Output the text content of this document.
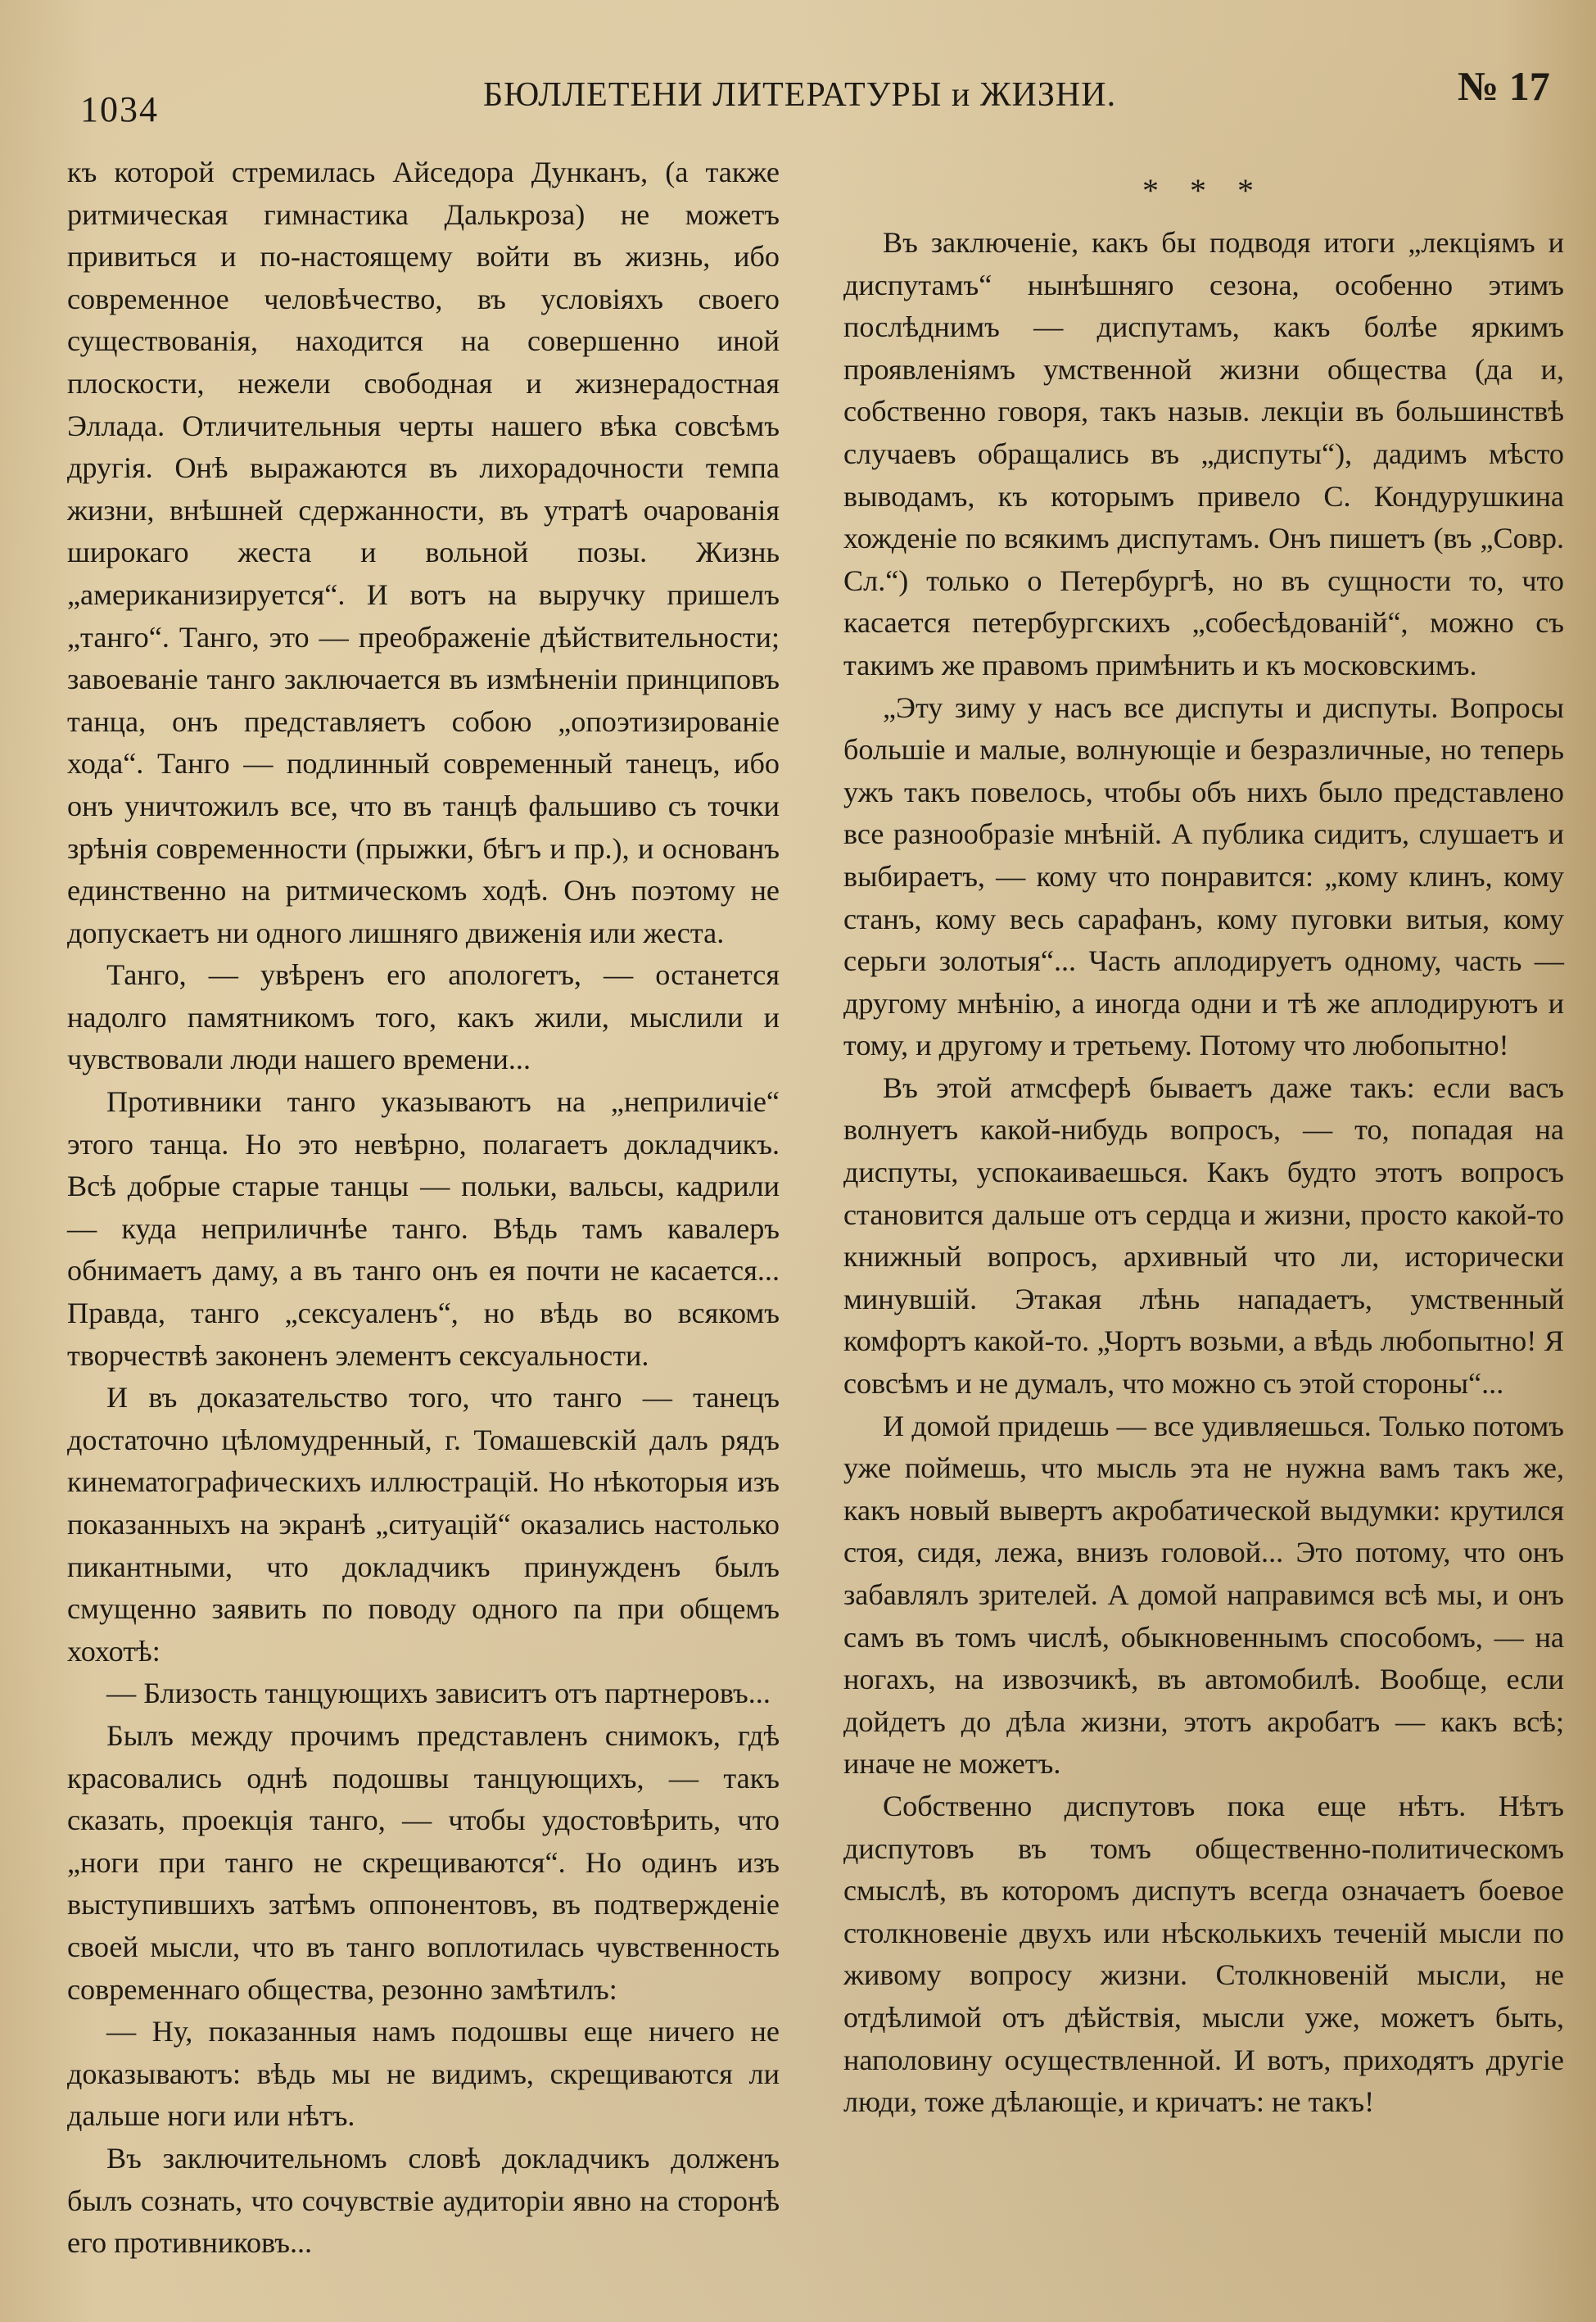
1034	БЮЛЛЕТЕНИ ЛИТЕРАТУРЫ и ЖИЗНИ.	№ 17

къ которой стремилась Айседора Дунканъ, (а также ритмическая гимнастика Далькроза) не можетъ привиться и по-настоящему войти въ жизнь, ибо современное человѣчество, въ условіяхъ своего существованія, находится на совершенно иной плоскости, нежели свободная и жизнерадостная Эллада. Отличительныя черты нашего вѣка совсѣмъ другія. Онѣ выражаются въ лихорадочности темпа жизни, внѣшней сдержанности, въ утратѣ очарованія широкаго жеста и вольной позы. Жизнь „американизируется“. И вотъ на выручку пришелъ „танго“. Танго, это — преображеніе дѣйствительности; завоеваніе танго заключается въ измѣненіи принциповъ танца, онъ представляетъ собою „опоэтизированіе хода“. Танго — подлинный современный танецъ, ибо онъ уничтожилъ все, что въ танцѣ фальшиво съ точки зрѣнія современности (прыжки, бѣгъ и пр.), и основанъ единственно на ритмическомъ ходѣ. Онъ поэтому не допускаетъ ни одного лишняго движенія или жеста.

Танго, — увѣренъ его апологетъ, — останется надолго памятникомъ того, какъ жили, мыслили и чувствовали люди нашего времени...

Противники танго указываютъ на „неприличіе“ этого танца. Но это невѣрно, полагаетъ докладчикъ. Всѣ добрые старые танцы — польки, вальсы, кадрили — куда неприличнѣе танго. Вѣдь тамъ кавалеръ обнимаетъ даму, а въ танго онъ ея почти не касается... Правда, танго „сексуаленъ“, но вѣдь во всякомъ творчествѣ законенъ элементъ сексуальности.

И въ доказательство того, что танго — танецъ достаточно цѣломудренный, г. Томашевскій далъ рядъ кинематографическихъ иллюстрацій. Но нѣкоторыя изъ показанныхъ на экранѣ „ситуацій“ оказались настолько пикантными, что докладчикъ принужденъ былъ смущенно заявить по поводу одного па при общемъ хохотѣ:

— Близость танцующихъ зависитъ отъ партнеровъ...

Былъ между прочимъ представленъ снимокъ, гдѣ красовались однѣ подошвы танцующихъ, — такъ сказать, проекція танго, — чтобы удостовѣрить, что „ноги при танго не скрещиваются“. Но одинъ изъ выступившихъ затѣмъ оппонентовъ, въ подтвержденіе своей мысли, что въ танго воплотилась чувственность современнаго общества, резонно замѣтилъ:

— Ну, показанныя намъ подошвы еще ничего не доказываютъ: вѣдь мы не видимъ, скрещиваются ли дальше ноги или нѣтъ.

Въ заключительномъ словѣ докладчикъ долженъ былъ сознать, что сочувствіе аудиторіи явно на сторонѣ его противниковъ...

* * *

Въ заключеніе, какъ бы подводя итоги „лекціямъ и диспутамъ“ нынѣшняго сезона, особенно этимъ послѣднимъ — диспутамъ, какъ болѣе яркимъ проявленіямъ умственной жизни общества (да и, собственно говоря, такъ назыв. лекціи въ большинствѣ случаевъ обращались въ „диспуты“), дадимъ мѣсто выводамъ, къ которымъ привело С. Кондурушкина хожденіе по всякимъ диспутамъ. Онъ пишетъ (въ „Совр. Сл.“) только о Петербургѣ, но въ сущности то, что касается петербургскихъ „собесѣдованій“, можно съ такимъ же правомъ примѣнить и къ московскимъ.

„Эту зиму у насъ все диспуты и диспуты. Вопросы большіе и малые, волнующіе и безразличные, но теперь ужъ такъ повелось, чтобы объ нихъ было представлено все разнообразіе мнѣній. А публика сидитъ, слушаетъ и выбираетъ, — кому что понравится: „кому клинъ, кому станъ, кому весь сарафанъ, кому пуговки витыя, кому серьги золотыя“... Часть аплодируетъ одному, часть — другому мнѣнію, а иногда одни и тѣ же аплодируютъ и тому, и другому и третьему. Потому что любопытно!

Въ этой атмсферѣ бываетъ даже такъ: если васъ волнуетъ какой-нибудь вопросъ, — то, попадая на диспуты, успокаиваешься. Какъ будто этотъ вопросъ становится дальше отъ сердца и жизни, просто какой-то книжный вопросъ, архивный что ли, исторически минувшій. Этакая лѣнь нападаетъ, умственный комфортъ какой-то. „Чортъ возьми, а вѣдь любопытно! Я совсѣмъ и не думалъ, что можно съ этой стороны“...

И домой придешь — все удивляешься. Только потомъ уже поймешь, что мысль эта не нужна вамъ такъ же, какъ новый вывертъ акробатической выдумки: крутился стоя, сидя, лежа, внизъ головой... Это потому, что онъ забавлялъ зрителей. А домой направимся всѣ мы, и онъ самъ въ томъ числѣ, обыкновеннымъ способомъ, — на ногахъ, на извозчикѣ, въ автомобилѣ. Вообще, если дойдетъ до дѣла жизни, этотъ акробатъ — какъ всѣ; иначе не можетъ.

Собственно диспутовъ пока еще нѣтъ. Нѣтъ диспутовъ въ томъ общественно-политическомъ смыслѣ, въ которомъ диспутъ всегда означаетъ боевое столкновеніе двухъ или нѣсколькихъ теченій мысли по живому вопросу жизни. Столкновеній мысли, не отдѣлимой отъ дѣйствія, мысли уже, можетъ быть, наполовину осуществленной. И вотъ, приходятъ другіе люди, тоже дѣлающіе, и кричатъ: не такъ!
